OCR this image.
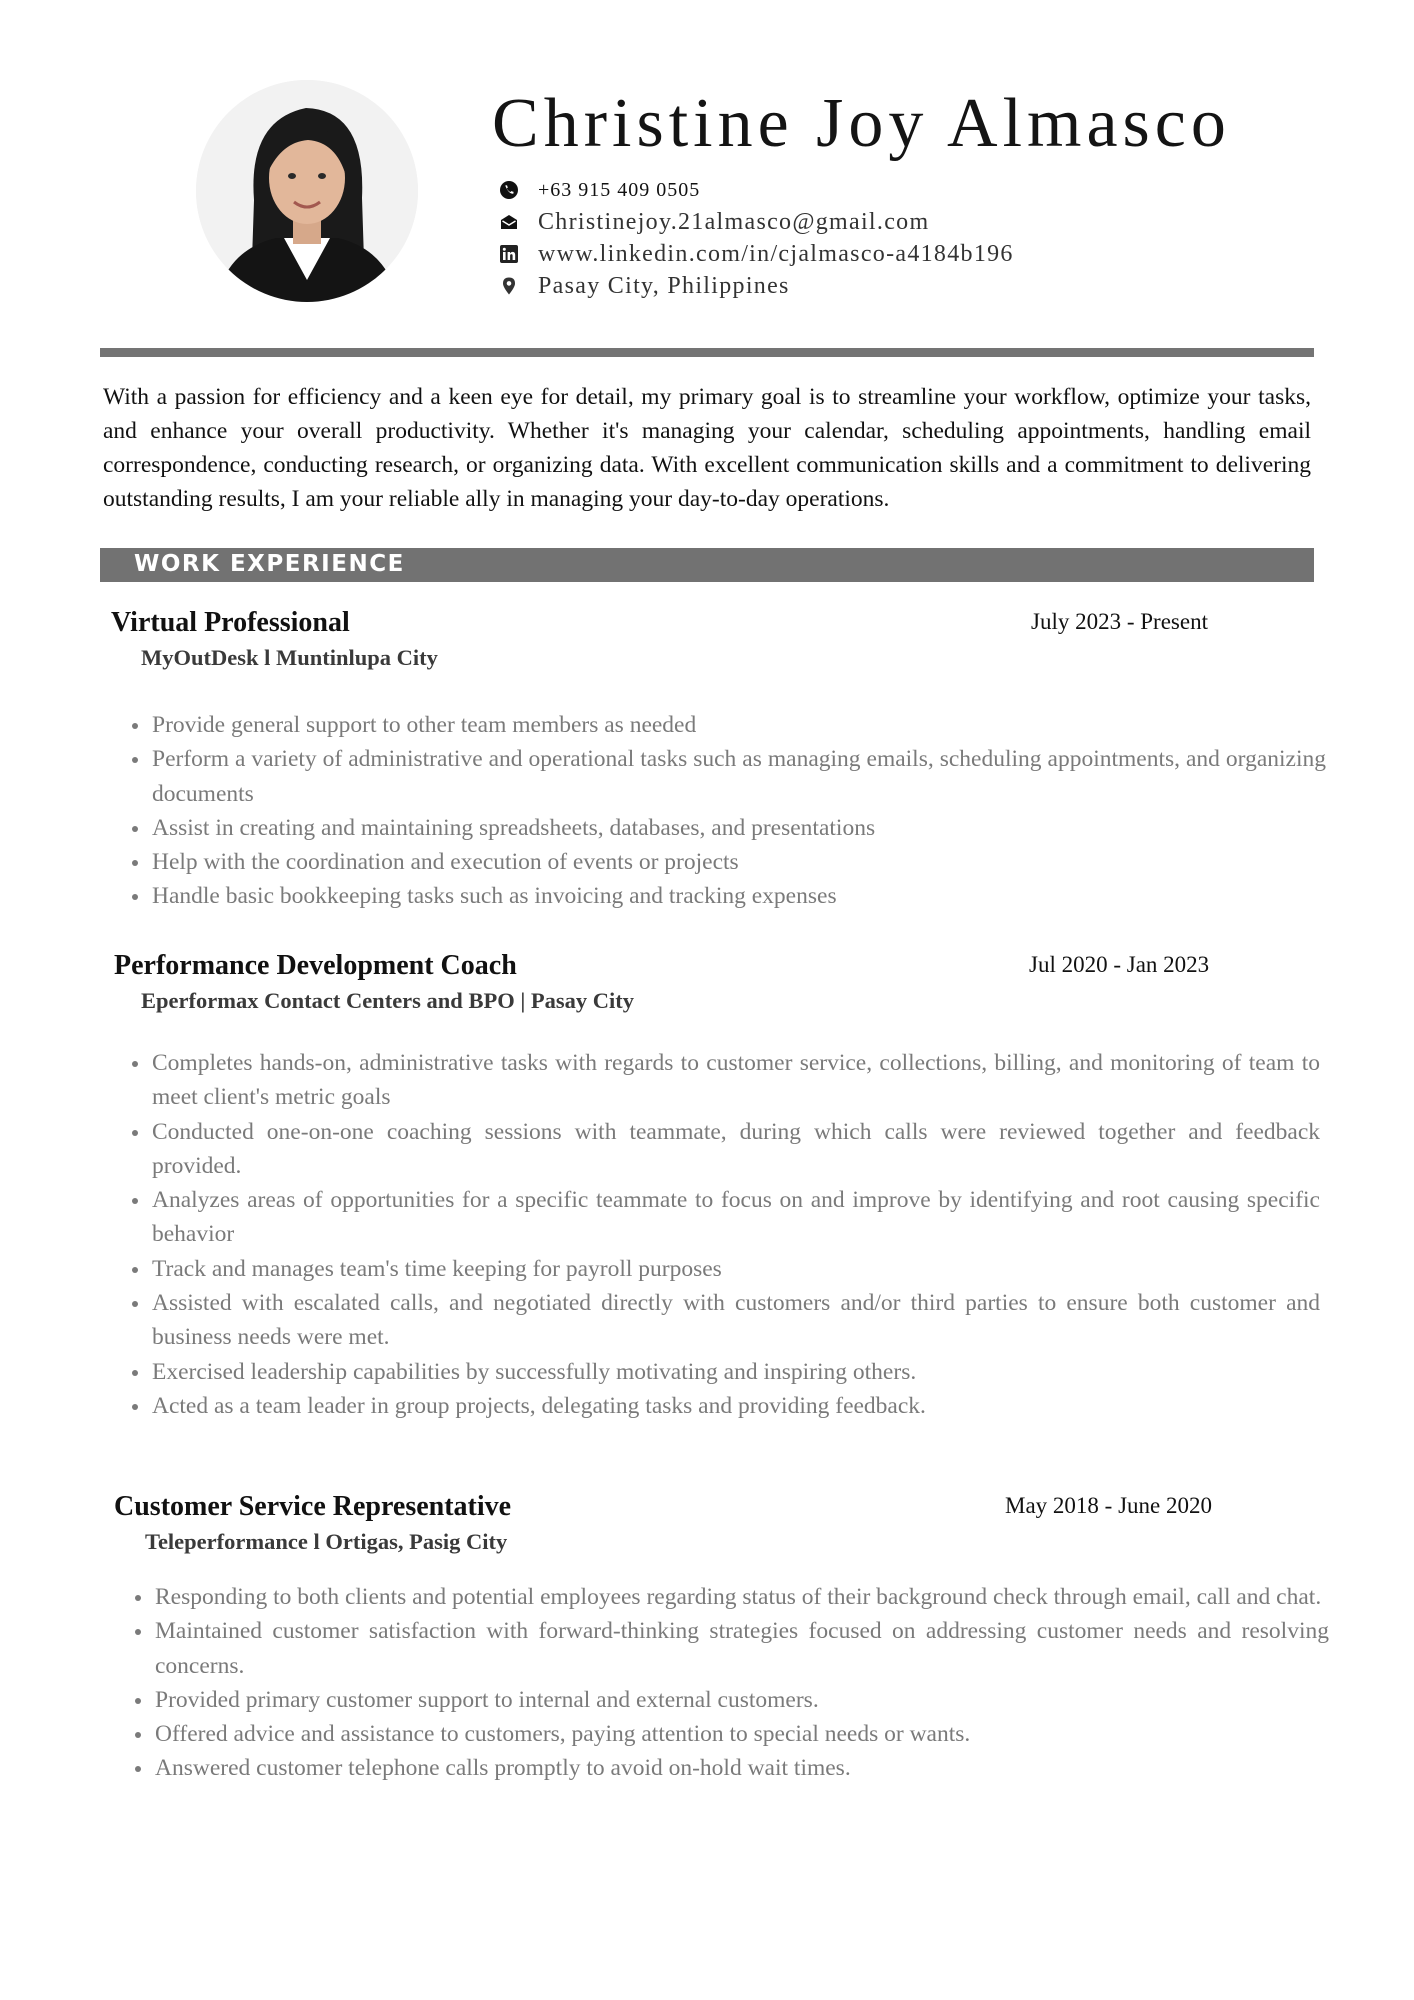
Christine Joy Almasco
+63 915 409 0505
Christinejoy.21almasco@gmail.com
www.linkedin.com/in/cjalmasco-a4184b196
Pasay City, Philippines

With a passion for efficiency and a keen eye for detail, my primary goal is to streamline your workflow, optimize your tasks, and enhance your overall productivity. Whether it's managing your calendar, scheduling appointments, handling email correspondence, conducting research, or organizing data. With excellent communication skills and a commitment to delivering outstanding results, I am your reliable ally in managing your day-to-day operations.

WORK EXPERIENCE
Virtual Professional	July 2023 - Present
MyOutDesk l Muntinlupa City
Provide general support to other team members as needed
Perform a variety of administrative and operational tasks such as managing emails, scheduling appointments, and organizing documents
Assist in creating and maintaining spreadsheets, databases, and presentations
Help with the coordination and execution of events or projects
Handle basic bookkeeping tasks such as invoicing and tracking expenses
Performance Development Coach	Jul 2020 - Jan 2023
Eperformax Contact Centers and BPO | Pasay City
Completes hands-on, administrative tasks with regards to customer service, collections, billing, and monitoring of team to meet client's metric goals
Conducted one-on-one coaching sessions with teammate, during which calls were reviewed together and feedback provided.
Analyzes areas of opportunities for a specific teammate to focus on and improve by identifying and root causing specific behavior
Track and manages team's time keeping for payroll purposes
Assisted with escalated calls, and negotiated directly with customers and/or third parties to ensure both customer and business needs were met.
Exercised leadership capabilities by successfully motivating and inspiring others.
Acted as a team leader in group projects, delegating tasks and providing feedback.
Customer Service Representative	May 2018 - June 2020
Teleperformance l Ortigas, Pasig City
Responding to both clients and potential employees regarding status of their background check through email, call and chat.
Maintained customer satisfaction with forward-thinking strategies focused on addressing customer needs and resolving concerns.
Provided primary customer support to internal and external customers.
Offered advice and assistance to customers, paying attention to special needs or wants.
Answered customer telephone calls promptly to avoid on-hold wait times.
